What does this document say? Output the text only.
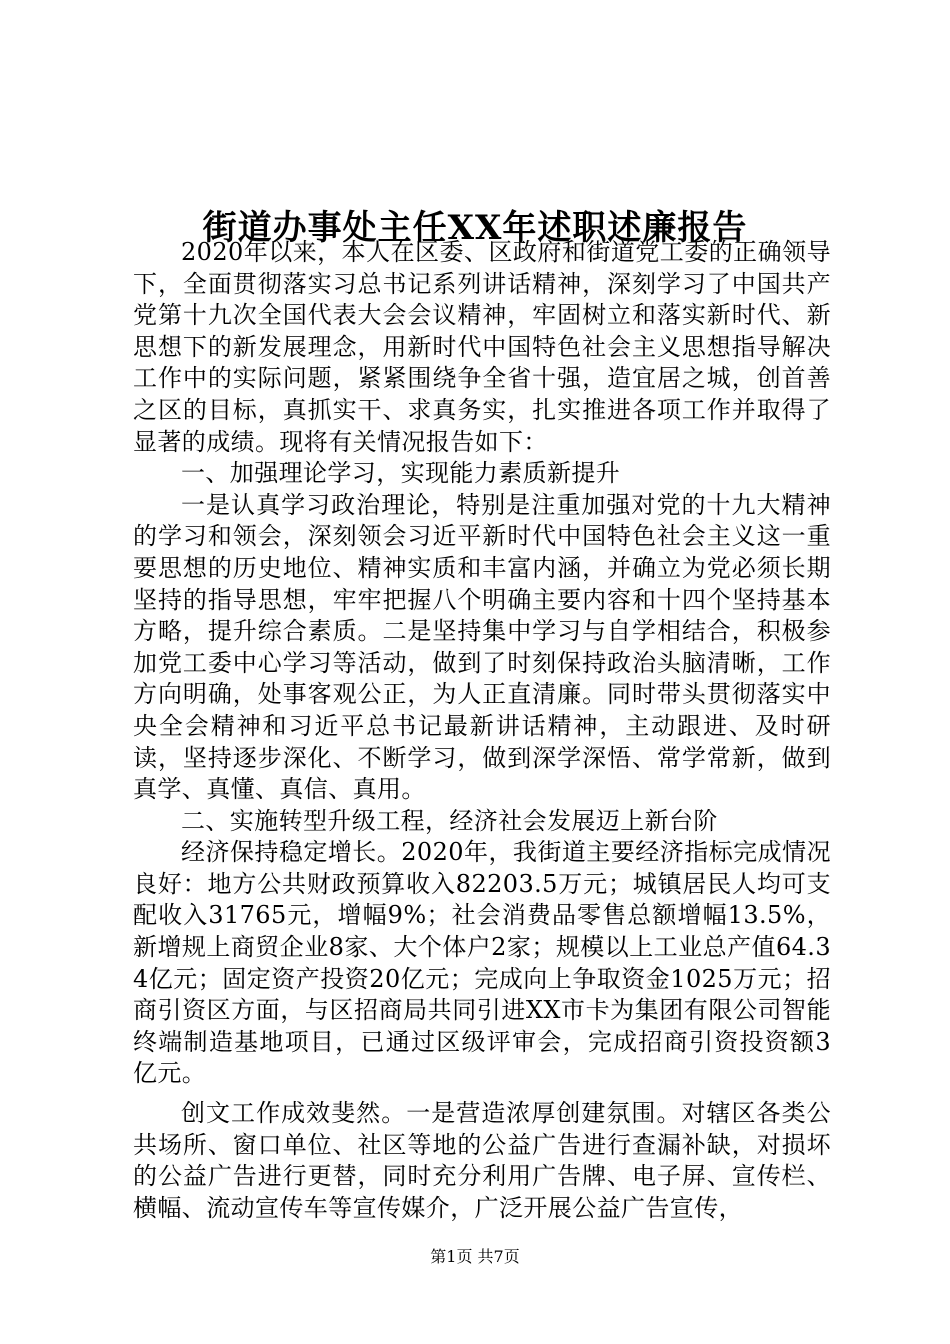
街道办事处主任XX年述职述廉报告

2020年以来，本人在区委、区政府和街道党工委的正确领导下，全面贯彻落实习总书记系列讲话精神，深刻学习了中国共产党第十九次全国代表大会会议精神，牢固树立和落实新时代、新思想下的新发展理念，用新时代中国特色社会主义思想指导解决工作中的实际问题，紧紧围绕争全省十强，造宜居之城，创首善之区的目标，真抓实干、求真务实，扎实推进各项工作并取得了显著的成绩。现将有关情况报告如下：

一、加强理论学习，实现能力素质新提升

一是认真学习政治理论，特别是注重加强对党的十九大精神的学习和领会，深刻领会习近平新时代中国特色社会主义这一重要思想的历史地位、精神实质和丰富内涵，并确立为党必须长期坚持的指导思想，牢牢把握八个明确主要内容和十四个坚持基本方略，提升综合素质。二是坚持集中学习与自学相结合，积极参加党工委中心学习等活动，做到了时刻保持政治头脑清晰，工作方向明确，处事客观公正，为人正直清廉。同时带头贯彻落实中央全会精神和习近平总书记最新讲话精神，主动跟进、及时研读，坚持逐步深化、不断学习，做到深学深悟、常学常新，做到真学、真懂、真信、真用。

二、实施转型升级工程，经济社会发展迈上新台阶

经济保持稳定增长。2020年，我街道主要经济指标完成情况良好：地方公共财政预算收入82203.5万元；城镇居民人均可支配收入31765元，增幅9%；社会消费品零售总额增幅13.5%，新增规上商贸企业8家、大个体户2家；规模以上工业总产值64.34亿元；固定资产投资20亿元；完成向上争取资金1025万元；招商引资区方面，与区招商局共同引进XX市卡为集团有限公司智能终端制造基地项目，已通过区级评审会，完成招商引资投资额3亿元。

创文工作成效斐然。一是营造浓厚创建氛围。对辖区各类公共场所、窗口单位、社区等地的公益广告进行查漏补缺，对损坏的公益广告进行更替，同时充分利用广告牌、电子屏、宣传栏、横幅、流动宣传车等宣传媒介，广泛开展公益广告宣传，

第1页 共7页
